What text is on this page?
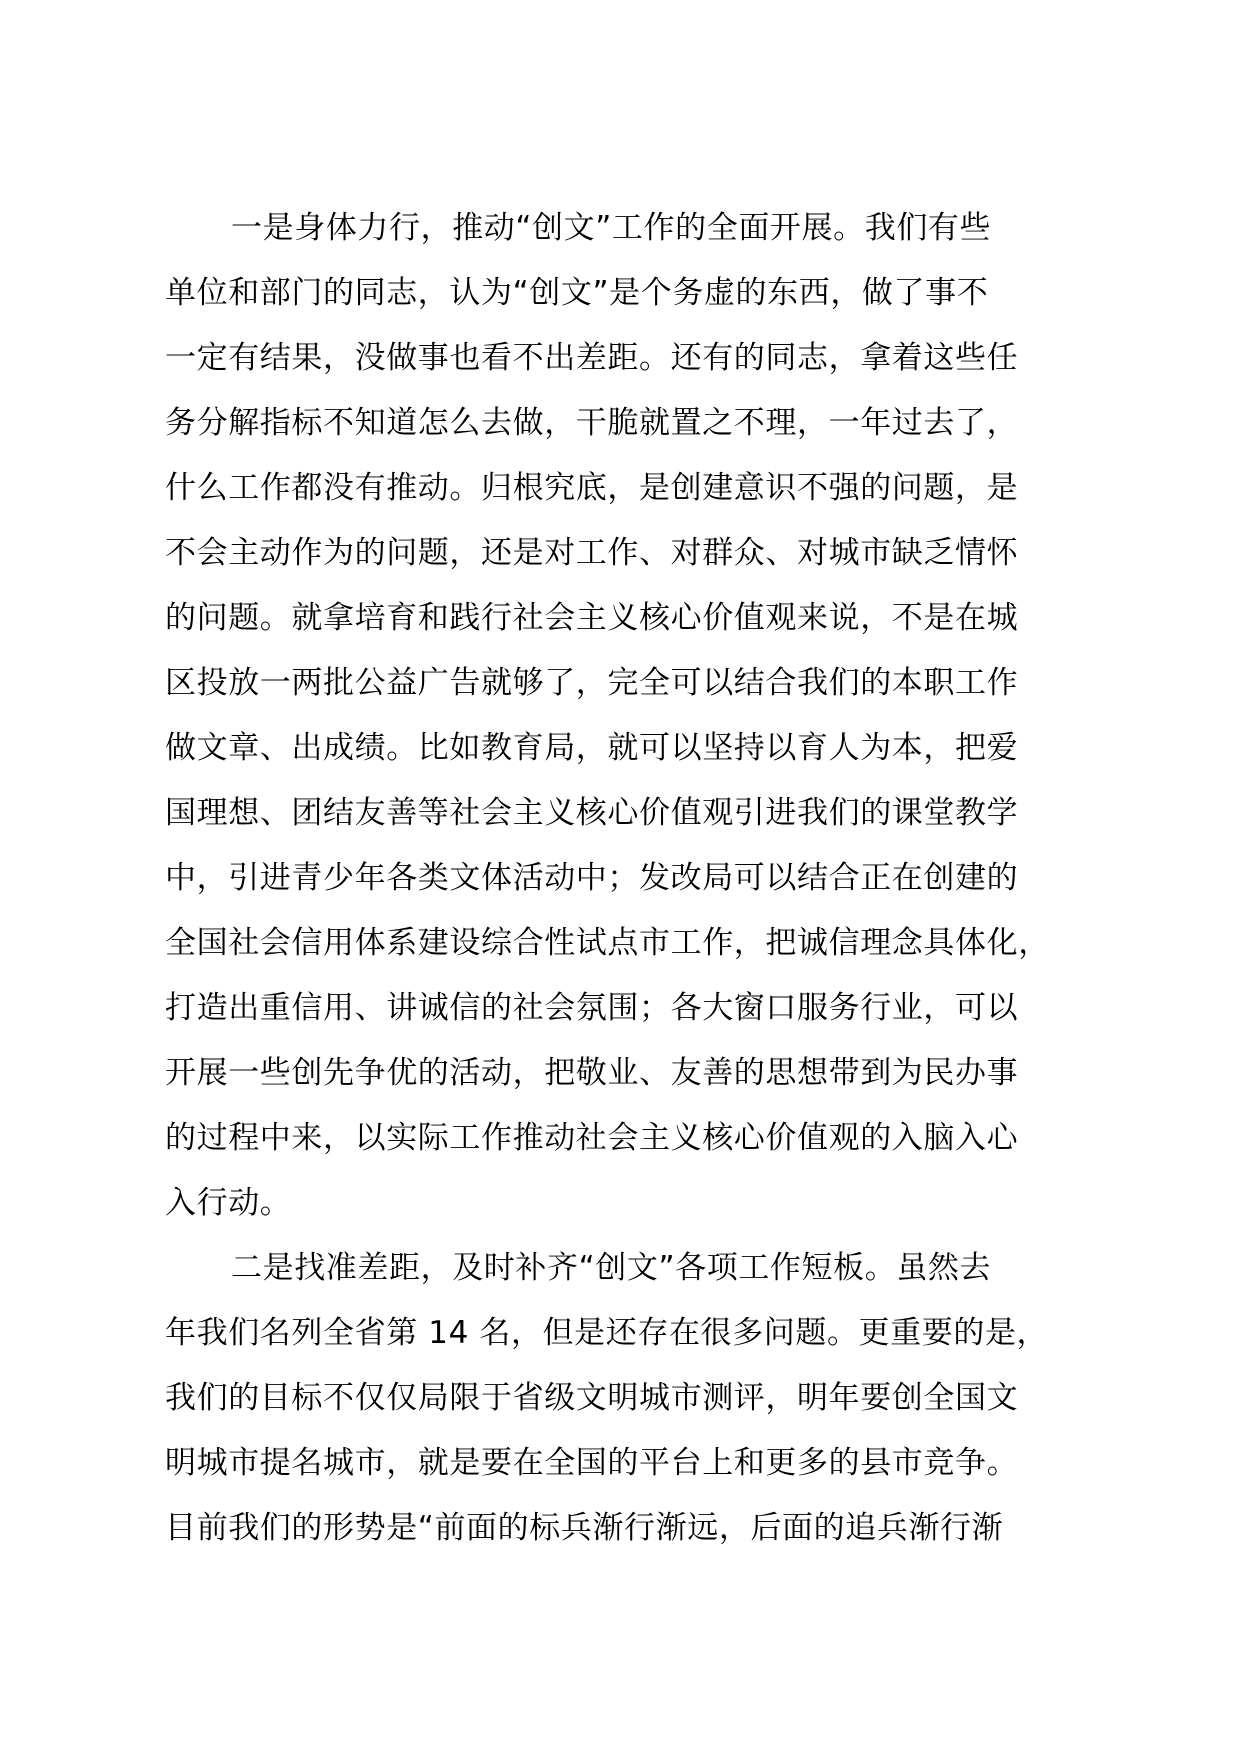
一是身体力行，推动“创文”工作的全面开展。我们有些
单位和部门的同志，认为“创文”是个务虚的东西，做了事不
一定有结果，没做事也看不出差距。还有的同志，拿着这些任
务分解指标不知道怎么去做，干脆就置之不理，一年过去了，
什么工作都没有推动。归根究底，是创建意识不强的问题，是
不会主动作为的问题，还是对工作、对群众、对城市缺乏情怀
的问题。就拿培育和践行社会主义核心价值观来说，不是在城
区投放一两批公益广告就够了，完全可以结合我们的本职工作
做文章、出成绩。比如教育局，就可以坚持以育人为本，把爱
国理想、团结友善等社会主义核心价值观引进我们的课堂教学
中，引进青少年各类文体活动中；发改局可以结合正在创建的
全国社会信用体系建设综合性试点市工作，把诚信理念具体化，
打造出重信用、讲诚信的社会氛围；各大窗口服务行业，可以
开展一些创先争优的活动，把敬业、友善的思想带到为民办事
的过程中来，以实际工作推动社会主义核心价值观的入脑入心
入行动。
二是找准差距，及时补齐“创文”各项工作短板。虽然去
年我们名列全省第 14 名，但是还存在很多问题。更重要的是，
我们的目标不仅仅局限于省级文明城市测评，明年要创全国文
明城市提名城市，就是要在全国的平台上和更多的县市竞争。
目前我们的形势是“前面的标兵渐行渐远，后面的追兵渐行渐
